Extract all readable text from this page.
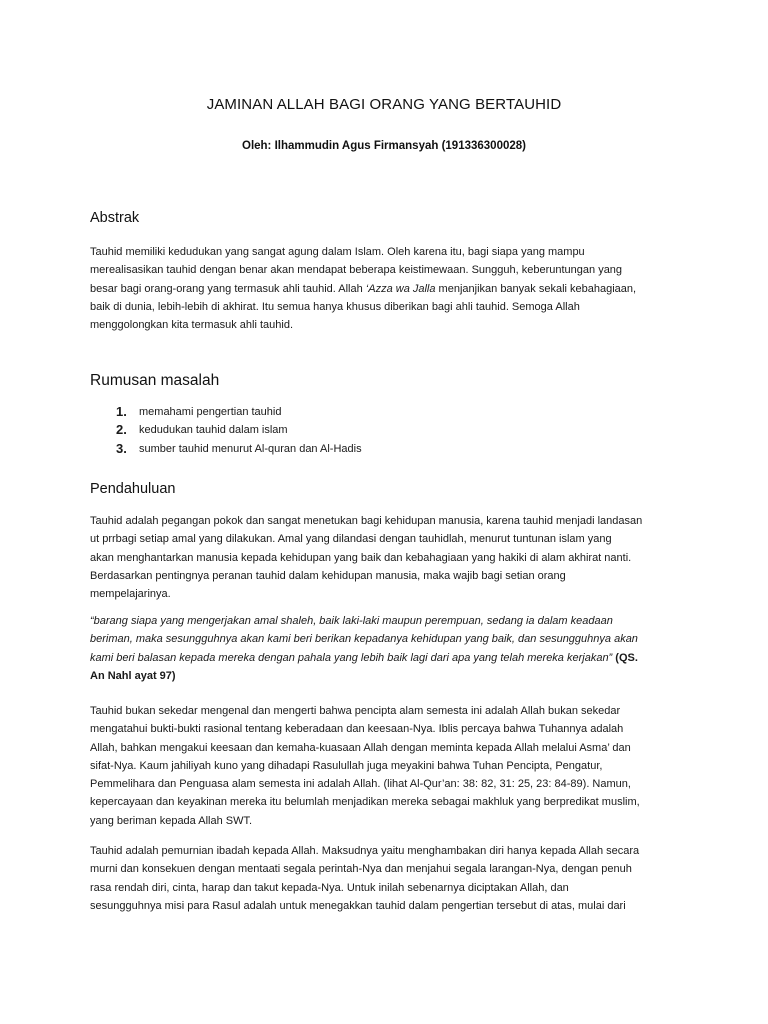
JAMINAN ALLAH BAGI ORANG YANG BERTAUHID
Oleh: Ilhammudin Agus Firmansyah (191336300028)
Abstrak
Tauhid memiliki kedudukan yang sangat agung dalam Islam. Oleh karena itu, bagi siapa yang mampu
merealisasikan tauhid dengan benar akan mendapat beberapa keistimewaan. Sungguh, keberuntungan yang
besar bagi orang-orang yang termasuk ahli tauhid. Allah ‘Azza wa Jalla menjanjikan banyak sekali kebahagiaan,
baik di dunia, lebih-lebih di akhirat. Itu semua hanya khusus diberikan bagi ahli tauhid. Semoga Allah
menggolongkan kita termasuk ahli tauhid.
Rumusan masalah
1. memahami pengertian tauhid
2. kedudukan tauhid dalam islam
3. sumber tauhid menurut Al-quran dan Al-Hadis
Pendahuluan
Tauhid adalah pegangan pokok dan sangat menetukan bagi kehidupan manusia, karena tauhid menjadi landasan
ut prrbagi setiap amal yang dilakukan. Amal yang dilandasi dengan tauhidlah, menurut tuntunan islam yang
akan menghantarkan manusia kepada kehidupan yang baik dan kebahagiaan yang hakiki di alam akhirat nanti.
Berdasarkan pentingnya peranan tauhid dalam kehidupan manusia, maka wajib bagi setian orang
mempelajarinya.
“barang siapa yang mengerjakan amal shaleh, baik laki-laki maupun perempuan, sedang ia dalam keadaan
beriman, maka sesungguhnya akan kami beri berikan kepadanya kehidupan yang baik, dan sesungguhnya akan
kami beri balasan kepada mereka dengan pahala yang lebih baik lagi dari apa yang telah mereka kerjakan” (QS.
An Nahl ayat 97)
Tauhid bukan sekedar mengenal dan mengerti bahwa pencipta alam semesta ini adalah Allah bukan sekedar
mengatahui bukti-bukti rasional tentang keberadaan dan keesaan-Nya. Iblis percaya bahwa Tuhannya adalah
Allah, bahkan mengakui keesaan dan kemaha-kuasaan Allah dengan meminta kepada Allah melalui Asma’ dan
sifat-Nya. Kaum jahiliyah kuno yang dihadapi Rasulullah juga meyakini bahwa Tuhan Pencipta, Pengatur,
Pemmelihara dan Penguasa alam semesta ini adalah Allah. (lihat Al-Qur’an: 38: 82, 31: 25, 23: 84-89). Namun,
kepercayaan dan keyakinan mereka itu belumlah menjadikan mereka sebagai makhluk yang berpredikat muslim,
yang beriman kepada Allah SWT.
Tauhid adalah pemurnian ibadah kepada Allah. Maksudnya yaitu menghambakan diri hanya kepada Allah secara
murni dan konsekuen dengan mentaati segala perintah-Nya dan menjahui segala larangan-Nya, dengan penuh
rasa rendah diri, cinta, harap dan takut kepada-Nya. Untuk inilah sebenarnya diciptakan Allah, dan
sesungguhnya misi para Rasul adalah untuk menegakkan tauhid dalam pengertian tersebut di atas, mulai dari
